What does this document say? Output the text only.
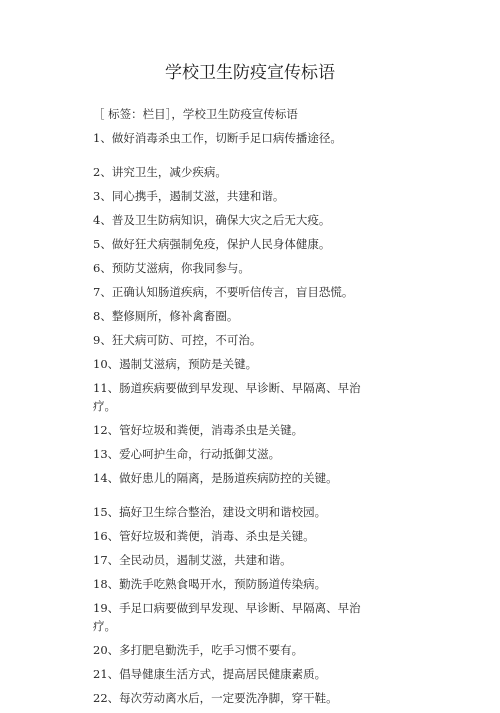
学校卫生防疫宣传标语
［ 标签：栏目］，学校卫生防疫宣传标语
1、做好消毒杀虫工作，切断手足口病传播途径。
2、讲究卫生，减少疾病。
3、同心携手，遏制艾滋，共建和谐。
4、普及卫生防病知识，确保大灾之后无大疫。
5、做好狂犬病强制免疫，保护人民身体健康。
6、预防艾滋病，你我同参与。
7、正确认知肠道疾病，不要听信传言，盲目恐慌。
8、整修厕所，修补禽畜圈。
9、狂犬病可防、可控，不可治。
10、遏制艾滋病，预防是关键。
11、肠道疾病要做到早发现、早诊断、早隔离、早治疗。
12、管好垃圾和粪便，消毒杀虫是关键。
13、爱心呵护生命，行动抵御艾滋。
14、做好患儿的隔离，是肠道疾病防控的关键。
15、搞好卫生综合整治，建设文明和谐校园。
16、管好垃圾和粪便，消毒、杀虫是关键。
17、全民动员，遏制艾滋，共建和谐。
18、勤洗手吃熟食喝开水，预防肠道传染病。
19、手足口病要做到早发现、早诊断、早隔离、早治疗。
20、多打肥皂勤洗手，吃手习惯不要有。
21、倡导健康生活方式，提高居民健康素质。
22、每次劳动离水后，一定要洗净脚，穿干鞋。
